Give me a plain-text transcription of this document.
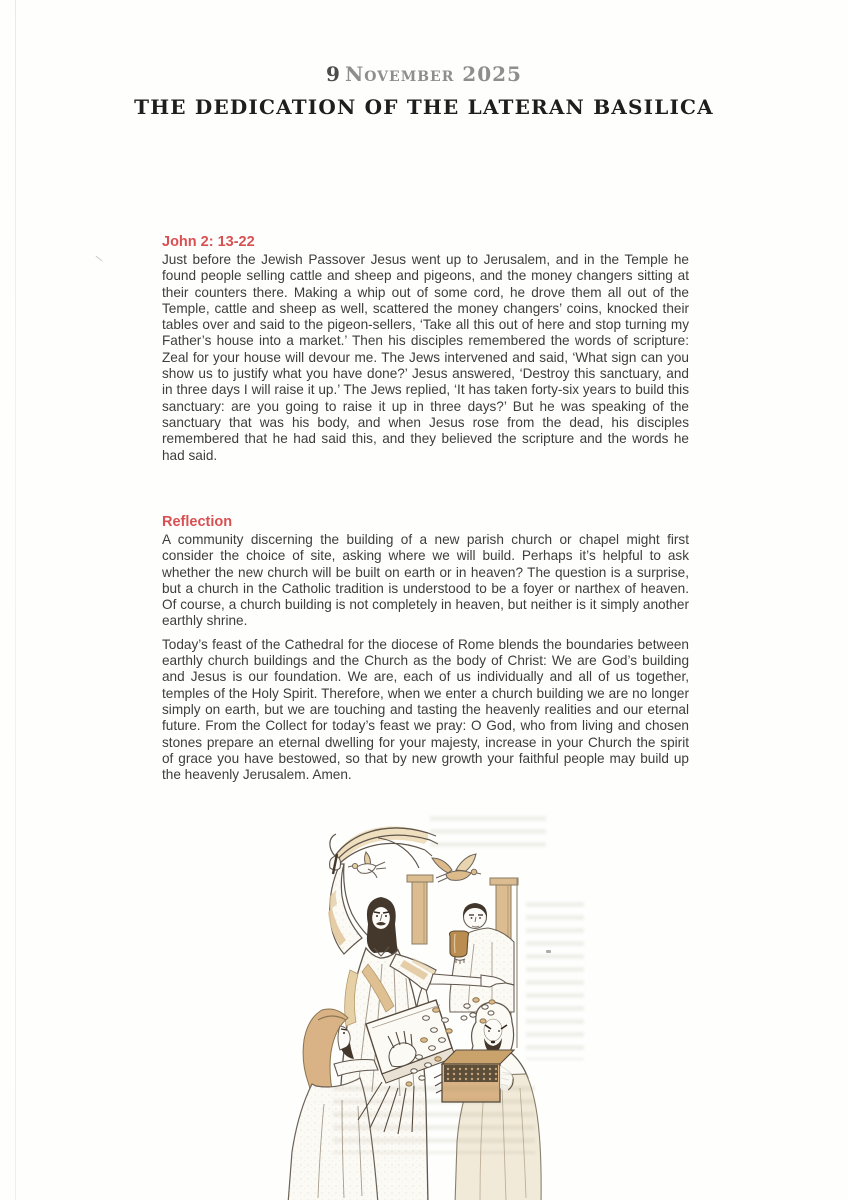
9 November 2025
THE DEDICATION OF THE LATERAN BASILICA
John 2: 13-22

Just before the Jewish Passover Jesus went up to Jerusalem, and in the Temple he found people selling cattle and sheep and pigeons, and the money changers sitting at their counters there. Making a whip out of some cord, he drove them all out of the Temple, cattle and sheep as well, scattered the money changers’ coins, knocked their tables over and said to the pigeon-sellers, ‘Take all this out of here and stop turning my Father’s house into a market.’ Then his disciples remembered the words of scripture: Zeal for your house will devour me. The Jews intervened and said, ‘What sign can you show us to justify what you have done?’ Jesus answered, ‘Destroy this sanctuary, and in three days I will raise it up.’ The Jews replied, ‘It has taken forty-six years to build this sanctuary: are you going to raise it up in three days?’ But he was speaking of the sanctuary that was his body, and when Jesus rose from the dead, his disciples remembered that he had said this, and they believed the scripture and the words he had said.

Reflection

A community discerning the building of a new parish church or chapel might first consider the choice of site, asking where we will build. Perhaps it’s helpful to ask whether the new church will be built on earth or in heaven? The question is a surprise, but a church in the Catholic tradition is understood to be a foyer or narthex of heaven. Of course, a church building is not completely in heaven, but neither is it simply another earthly shrine.

Today’s feast of the Cathedral for the diocese of Rome blends the boundaries between earthly church buildings and the Church as the body of Christ: We are God’s building and Jesus is our foundation. We are, each of us individually and all of us together, temples of the Holy Spirit. Therefore, when we enter a church building we are no longer simply on earth, but we are touching and tasting the heavenly realities and our eternal future. From the Collect for today’s feast we pray: O God, who from living and chosen stones prepare an eternal dwelling for your majesty, increase in your Church the spirit of grace you have bestowed, so that by new growth your faithful people may build up the heavenly Jerusalem. Amen.
